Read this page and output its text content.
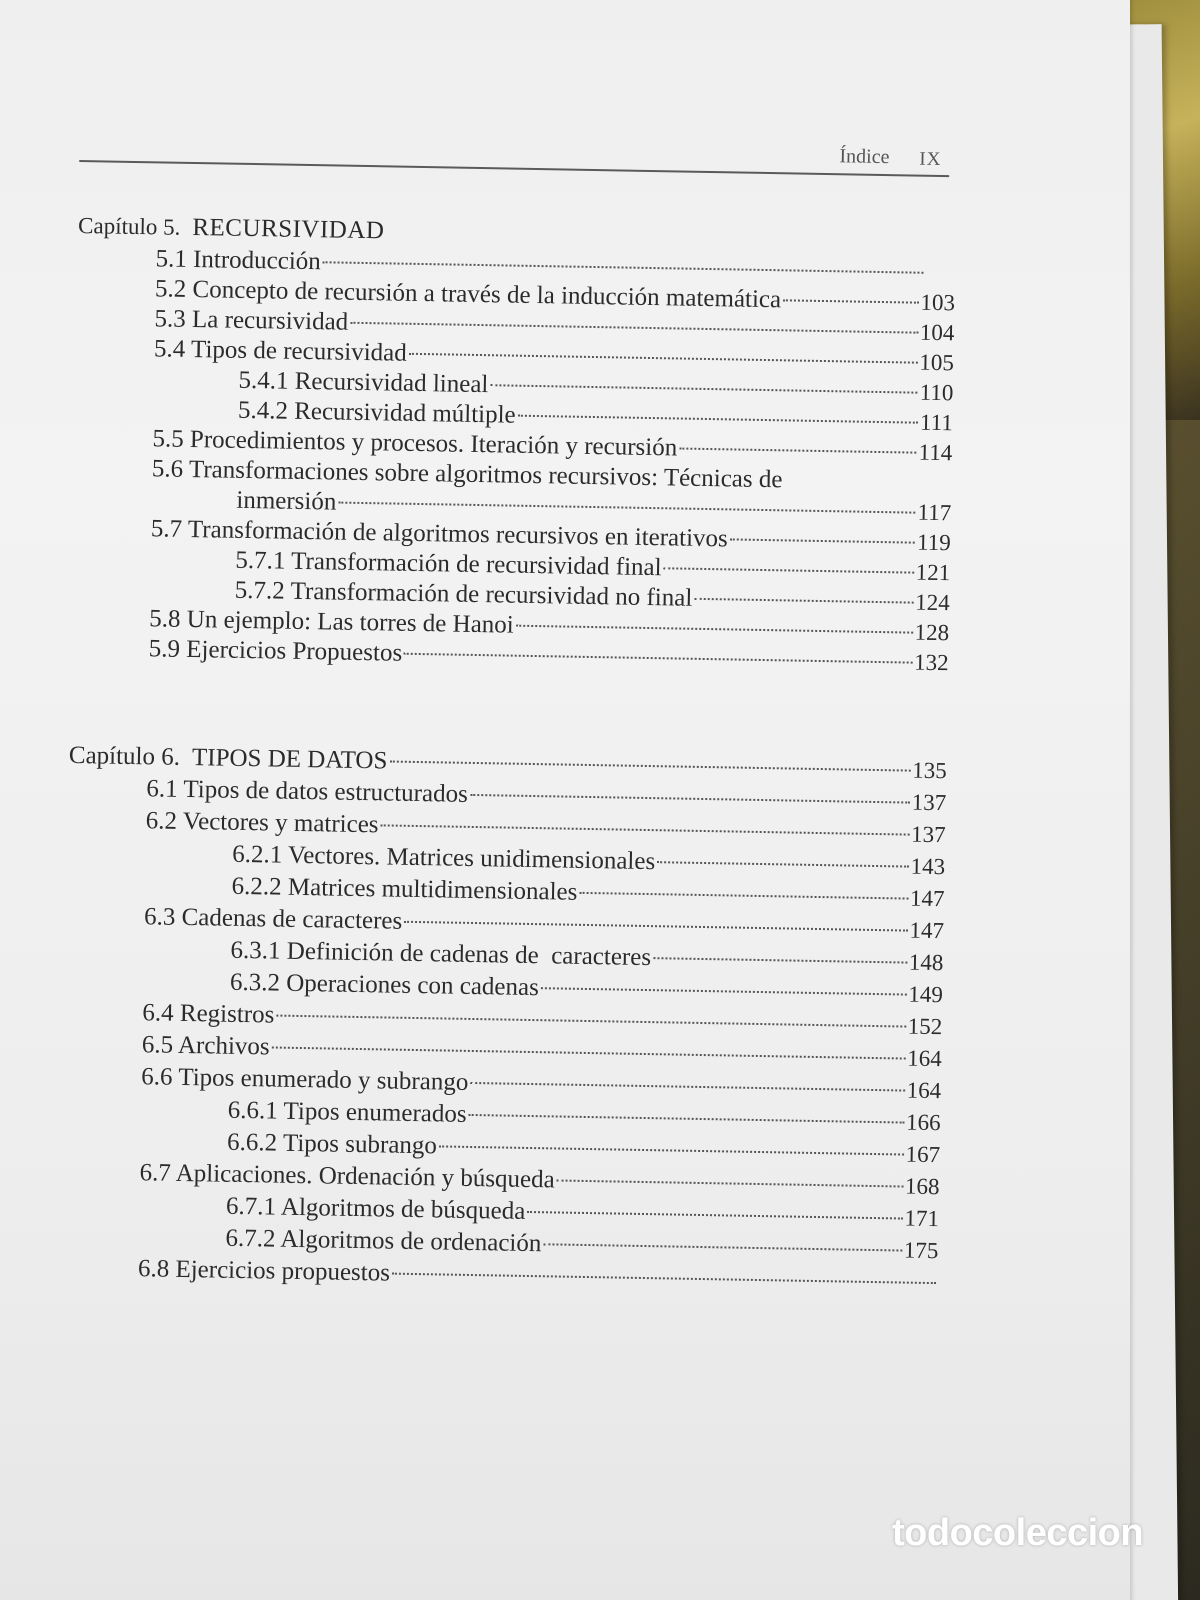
Índice IX
Capítulo 5. RECURSIVIDAD
5.1 Introducción
5.2 Concepto de recursión a través de la inducción matemática	103
5.3 La recursividad	104
5.4 Tipos de recursividad	105
5.4.1 Recursividad lineal	110
5.4.2 Recursividad múltiple	111
5.5 Procedimientos y procesos. Iteración y recursión	114
5.6 Transformaciones sobre algoritmos recursivos: Técnicas de
inmersión	117
5.7 Transformación de algoritmos recursivos en iterativos	119
5.7.1 Transformación de recursividad final	121
5.7.2 Transformación de recursividad no final	124
5.8 Un ejemplo: Las torres de Hanoi	128
5.9 Ejercicios Propuestos	132
Capítulo 6. TIPOS DE DATOS	135
6.1 Tipos de datos estructurados	137
6.2 Vectores y matrices	137
6.2.1 Vectores. Matrices unidimensionales	143
6.2.2 Matrices multidimensionales	147
6.3 Cadenas de caracteres	147
6.3.1 Definición de cadenas de  caracteres	148
6.3.2 Operaciones con cadenas	149
6.4 Registros	152
6.5 Archivos	164
6.6 Tipos enumerado y subrango	164
6.6.1 Tipos enumerados	166
6.6.2 Tipos subrango	167
6.7 Aplicaciones. Ordenación y búsqueda	168
6.7.1 Algoritmos de búsqueda	171
6.7.2 Algoritmos de ordenación	175
6.8 Ejercicios propuestos
todocoleccion
